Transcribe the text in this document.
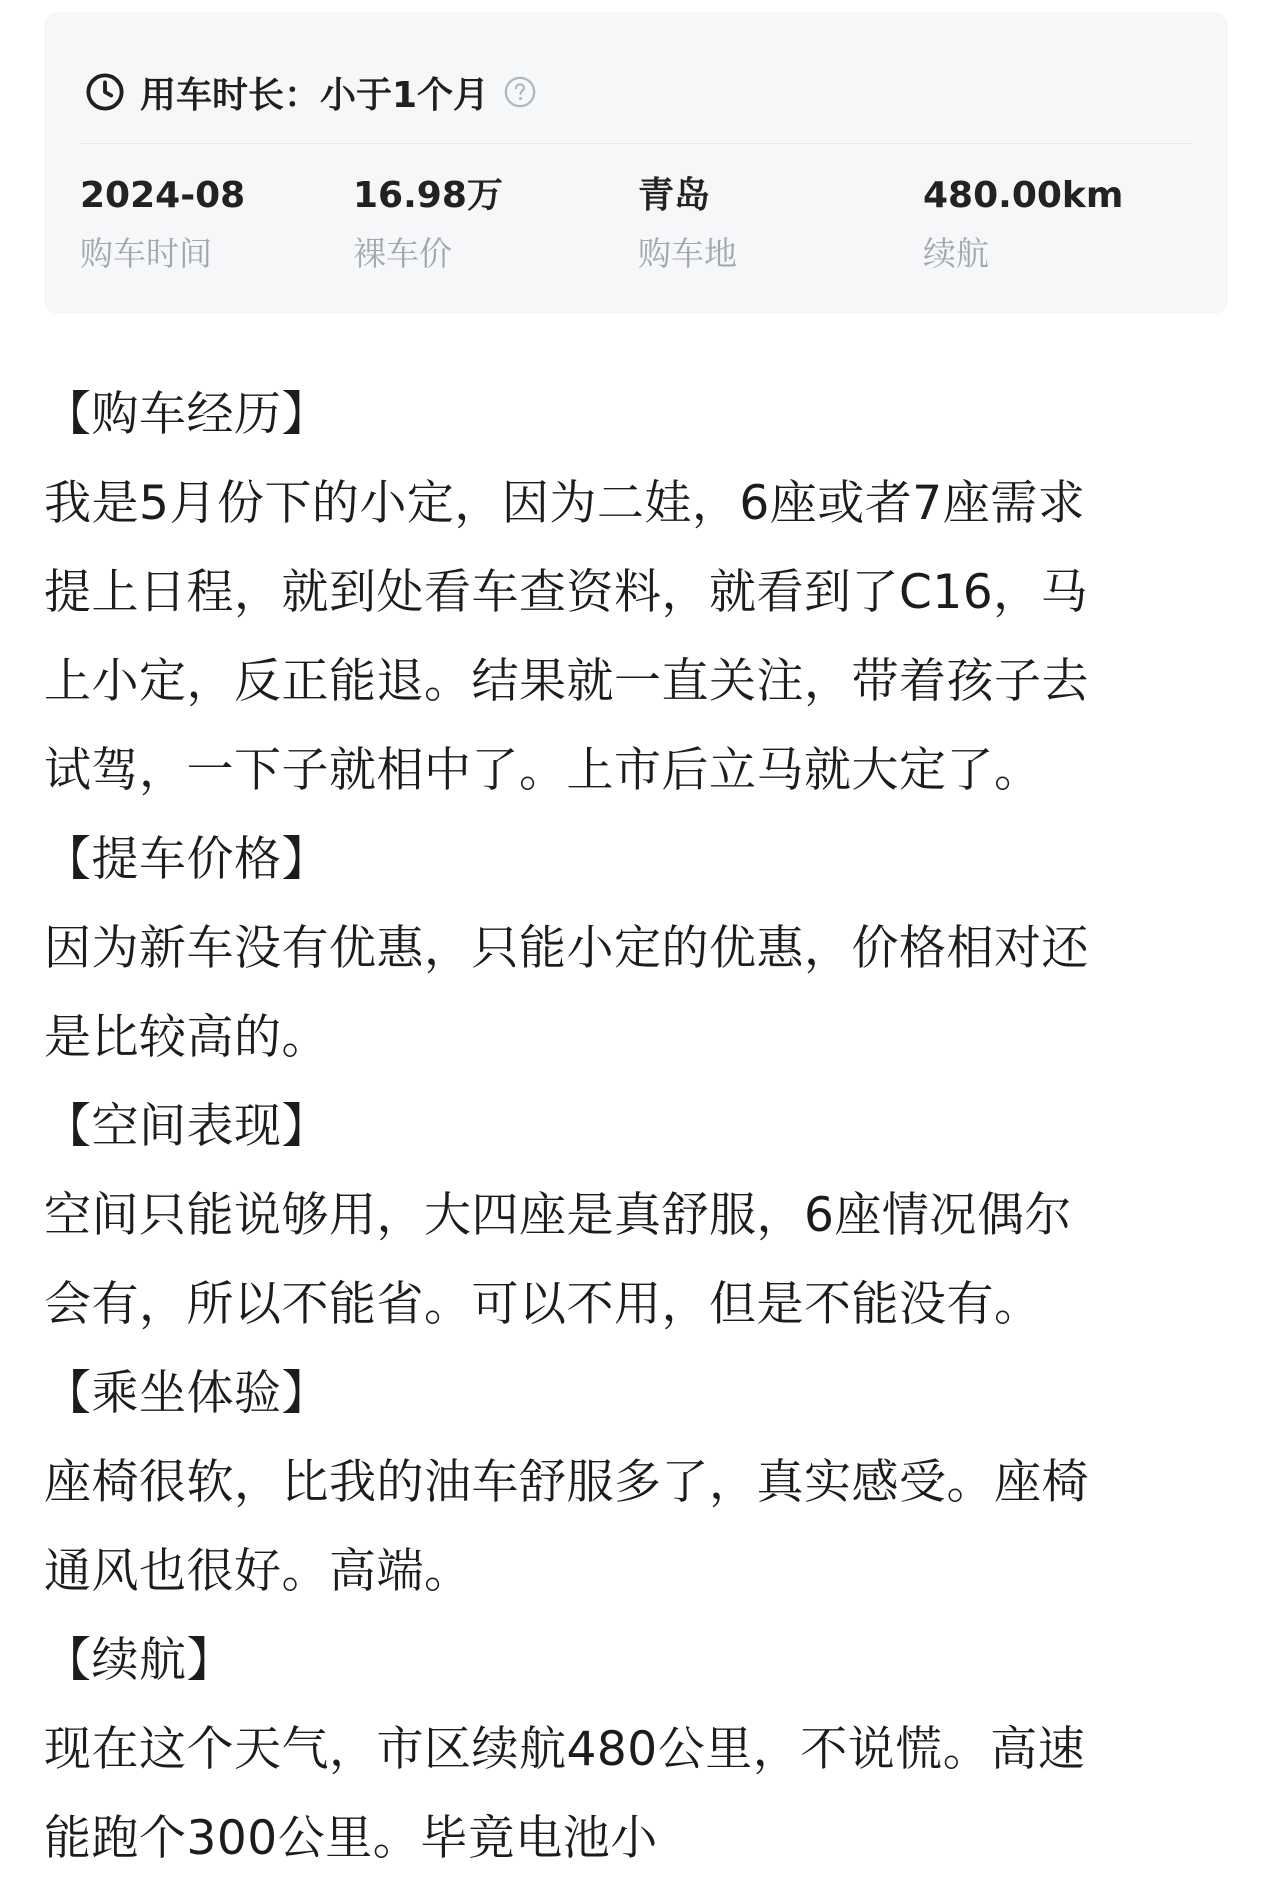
用车时长：小于1个月
2024-08
购车时间
16.98万
裸车价
青岛
购车地
480.00km
续航
【购车经历】
我是5月份下的小定，因为二娃，6座或者7座需求
提上日程，就到处看车查资料，就看到了C16，马
上小定，反正能退。结果就一直关注，带着孩子去
试驾，一下子就相中了。上市后立马就大定了。
【提车价格】
因为新车没有优惠，只能小定的优惠，价格相对还
是比较高的。
【空间表现】
空间只能说够用，大四座是真舒服，6座情况偶尔
会有，所以不能省。可以不用，但是不能没有。
【乘坐体验】
座椅很软，比我的油车舒服多了，真实感受。座椅
通风也很好。高端。
【续航】
现在这个天气，市区续航480公里，不说慌。高速
能跑个300公里。毕竟电池小
